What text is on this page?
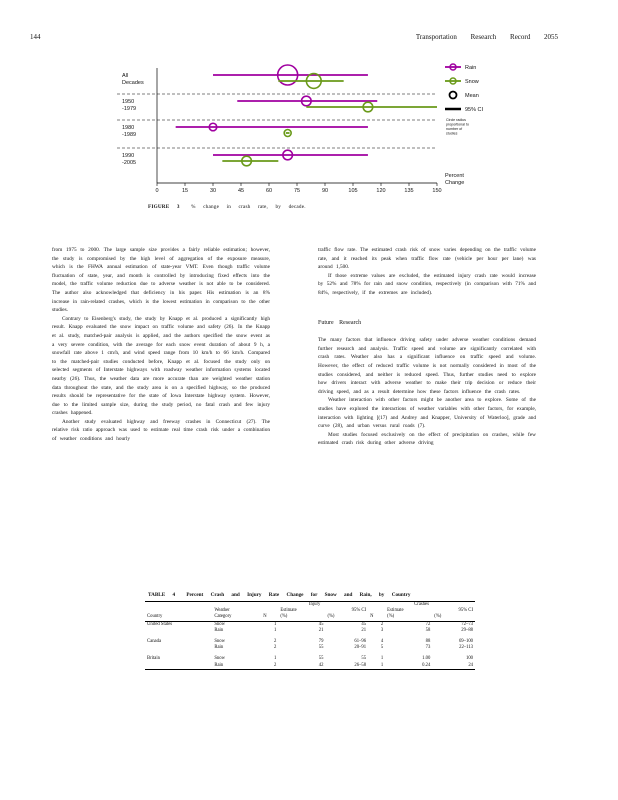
144	Transportation Research Record 2055
0	15	30	45	60	75	90	105	120	135	150
All
Decades
1950
-1979
1980
-1989
1990
-2005
Percent
Change
Rain
Snow
Mean
95% CI
Circle radius proportional to number of studies
FIGURE 3 % change in crash rate, by decade.

from 1975 to 2000. The large sample size provides a fairly reliable estimation; however, the study is compromised by the high level of aggregation of the exposure measure, which is the FHWA annual estimation of state-year VMT. Even though traffic volume fluctuation of state, year, and month is controlled by introducing fixed effects into the model, the traffic volume reduction due to adverse weather is not able to be considered. The author also acknowledged that deficiency in his paper. His estimation is an 8% increase in rain-related crashes, which is the lowest estimation in comparison to the other studies.

Contrary to Eisenberg's study, the study by Knapp et al. produced a significantly high result. Knapp evaluated the snow impact on traffic volume and safety (26). In the Knapp et al. study, matched-pair analysis is applied, and the authors specified the snow event as a very severe condition, with the average for each snow event duration of about 9 h, a snowfall rate above 1 cm/h, and wind speed range from 10 km/h to 66 km/h. Compared to the matched-pair studies conducted before, Knapp et al. focused the study only on selected segments of Interstate highways with roadway weather information systems located nearby (26). Thus, the weather data are more accurate than are weighted weather station data throughout the state, and the study area is on a specified highway, so the produced results should be representative for the state of Iowa Interstate highway system. However, due to the limited sample size, during the study period, no fatal crash and few injury crashes happened.

Another study evaluated highway and freeway crashes in Connecticut (27). The relative risk ratio approach was used to estimate real time crash risk under a combination of weather conditions and hourly

traffic flow rate. The estimated crash risk of snow varies depending on the traffic volume rate, and it reached its peak when traffic flow rate (vehicle per hour per lane) was around 1,500.

If those extreme values are excluded, the estimated injury crash rate would increase by 52% and 78% for rain and snow condition, respectively (in comparison with 71% and 84%, respectively, if the extremes are included).

Future Research

The many factors that influence driving safety under adverse weather conditions demand further research and analysis. Traffic speed and volume are significantly correlated with crash rates. Weather also has a significant influence on traffic speed and volume. However, the effect of reduced traffic volume is not normally considered in most of the studies considered, and neither is reduced speed. Thus, further studies need to explore how drivers interact with adverse weather to make their trip decision or reduce their driving speed, and as a result determine how these factors influence the crash rates.

Weather interaction with other factors might be another area to explore. Some of the studies have explored the interactions of weather variables with other factors, for example, interaction with lighting [(17) and Andrey and Knapper, University of Waterloo], grade and curve (28), and urban versus rural roads (7).

Most studies focused exclusively on the effect of precipitation on crashes, while few estimated crash risk during other adverse driving

TABLE 4 Percent Crash and Injury Rate Change for Snow and Rain, by Country
		Injury			Crashes		
	Weather		Estimate	95% CI		Estimate	95% CI
Country	Category	N	(%)	(%)	N	(%)	(%)
United States	Snow	1	45	45	2	72	72–73
	Rain	1	21	21	3	58	29–88
Canada	Snow	2	79	61–96	4	88	69–100
	Rain	2	55	20–91	5	73	22–113
Britain	Snow	1	55	55	1	1.00	100
	Rain	2	42	26–58	1	0.24	24
